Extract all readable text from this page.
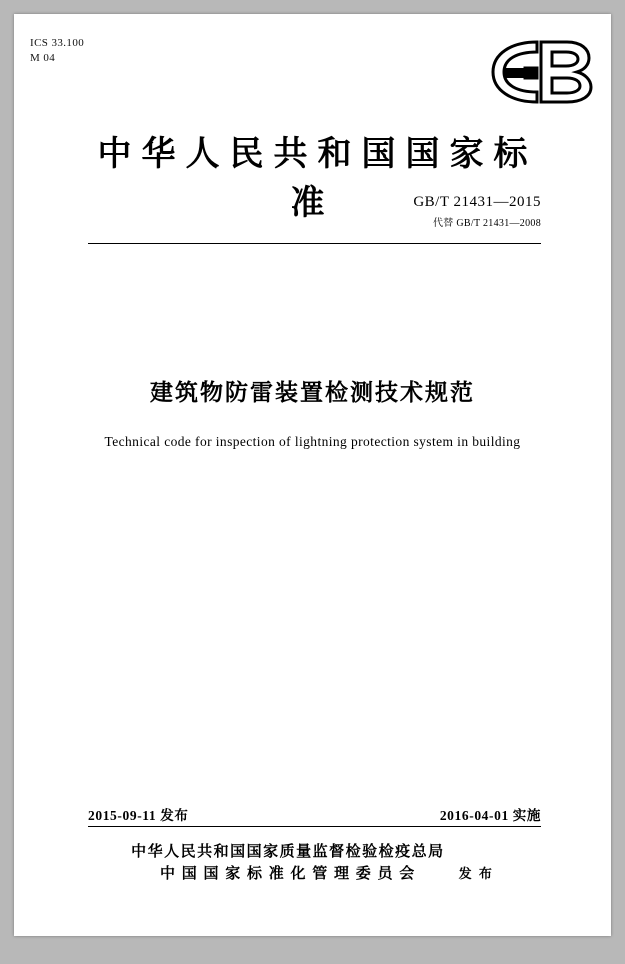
ICS 33.100
M 04
中华人民共和国国家标准	GB/T 21431—2015
代替 GB/T 21431—2008
建筑物防雷装置检测技术规范
Technical code for inspection of lightning protection system in building
2015-09-11 发布	2016-04-01 实施
中华人民共和国国家质量监督检验检疫总局
中 国 国 家 标 准 化 管 理 委 员 会	发 布
